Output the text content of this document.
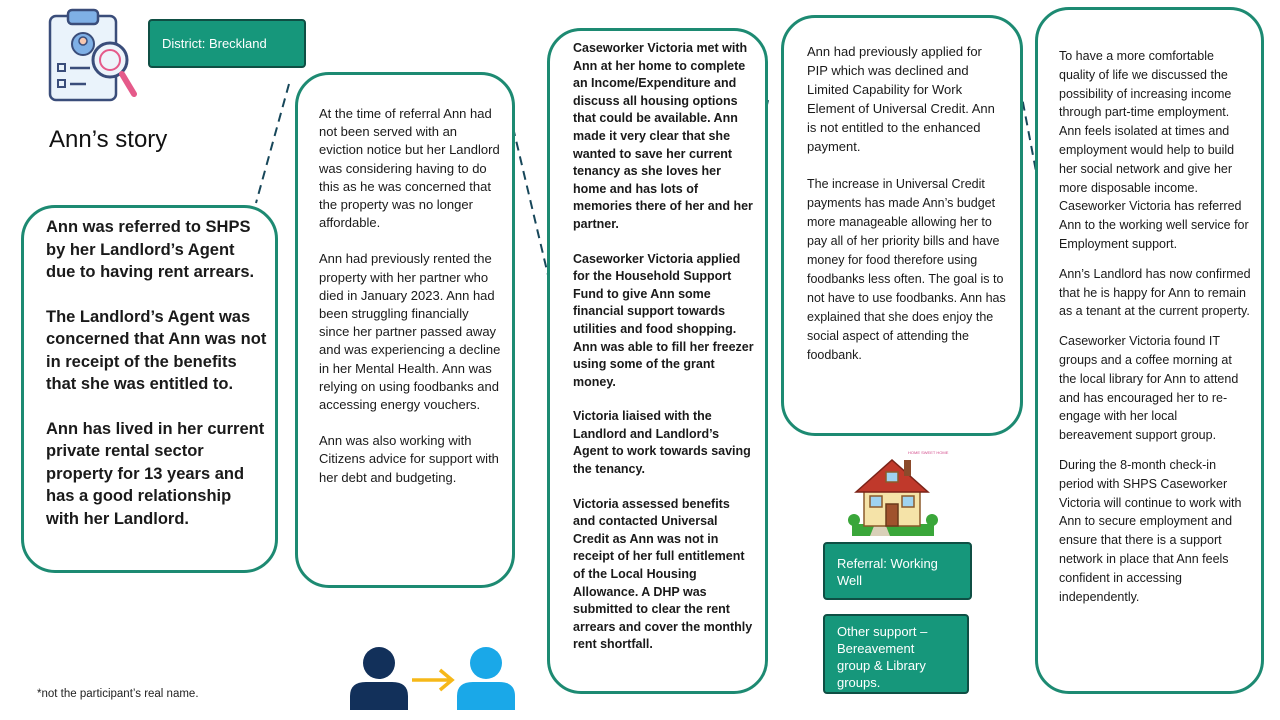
District: Breckland
Ann’s story

Ann was referred to SHPS by her Landlord’s Agent due to having rent arrears.

The Landlord’s Agent was concerned that Ann was not in receipt of the benefits that she was entitled to.

Ann has lived in her current private rental sector property for 13 years and has a good relationship with her Landlord.

At the time of referral Ann had not been served with an eviction notice but her Landlord was considering having to do this as he was concerned that the property was no longer affordable.

Ann had previously rented the property with her partner who died in January 2023. Ann had been struggling financially since her partner passed away and was experiencing a decline in her Mental Health. Ann was relying on using foodbanks and accessing energy vouchers.

Ann was also working with Citizens advice for support with her debt and budgeting.

Caseworker Victoria met with Ann at her home to complete an Income/Expenditure and discuss all housing options that could be available. Ann made it very clear that she wanted to save her current tenancy as she loves her home and has lots of memories there of her and her partner.

Caseworker Victoria applied for the Household Support Fund to give Ann some financial support towards utilities and food shopping. Ann was able to fill her freezer using some of the grant money.

Victoria liaised with the Landlord and Landlord’s Agent to work towards saving the tenancy.

Victoria assessed benefits and contacted Universal Credit as Ann was not in receipt of her full entitlement of the Local Housing Allowance. A DHP was submitted to clear the rent arrears and cover the monthly rent shortfall.

Ann had previously applied for PIP which was declined and Limited Capability for Work Element of Universal Credit. Ann is not entitled to the enhanced payment.

The increase in Universal Credit payments has made Ann’s budget more manageable allowing her to pay all of her priority bills and have money for food therefore using foodbanks less often. The goal is to not have to use foodbanks. Ann has explained that she does enjoy the social aspect of attending the foodbank.

To have a more comfortable quality of life we discussed the possibility of increasing income through part-time employment. Ann feels isolated at times and employment would help to build her social network and give her more disposable income. Caseworker Victoria has referred Ann to the working well service for Employment support.

Ann’s Landlord has now confirmed that he is happy for Ann to remain as a tenant at the current property.

Caseworker Victoria found IT groups and a coffee morning at the local library for Ann to attend and has encouraged her to re-engage with her local bereavement support group.

During the 8-month check-in period with SHPS Caseworker Victoria will continue to work with Ann to secure employment and ensure that there is a support network in place that Ann feels confident in accessing independently.

HOME SWEET HOME
Referral: Working
Well
Other support –
Bereavement
group & Library
groups.
*not the participant’s real name.
